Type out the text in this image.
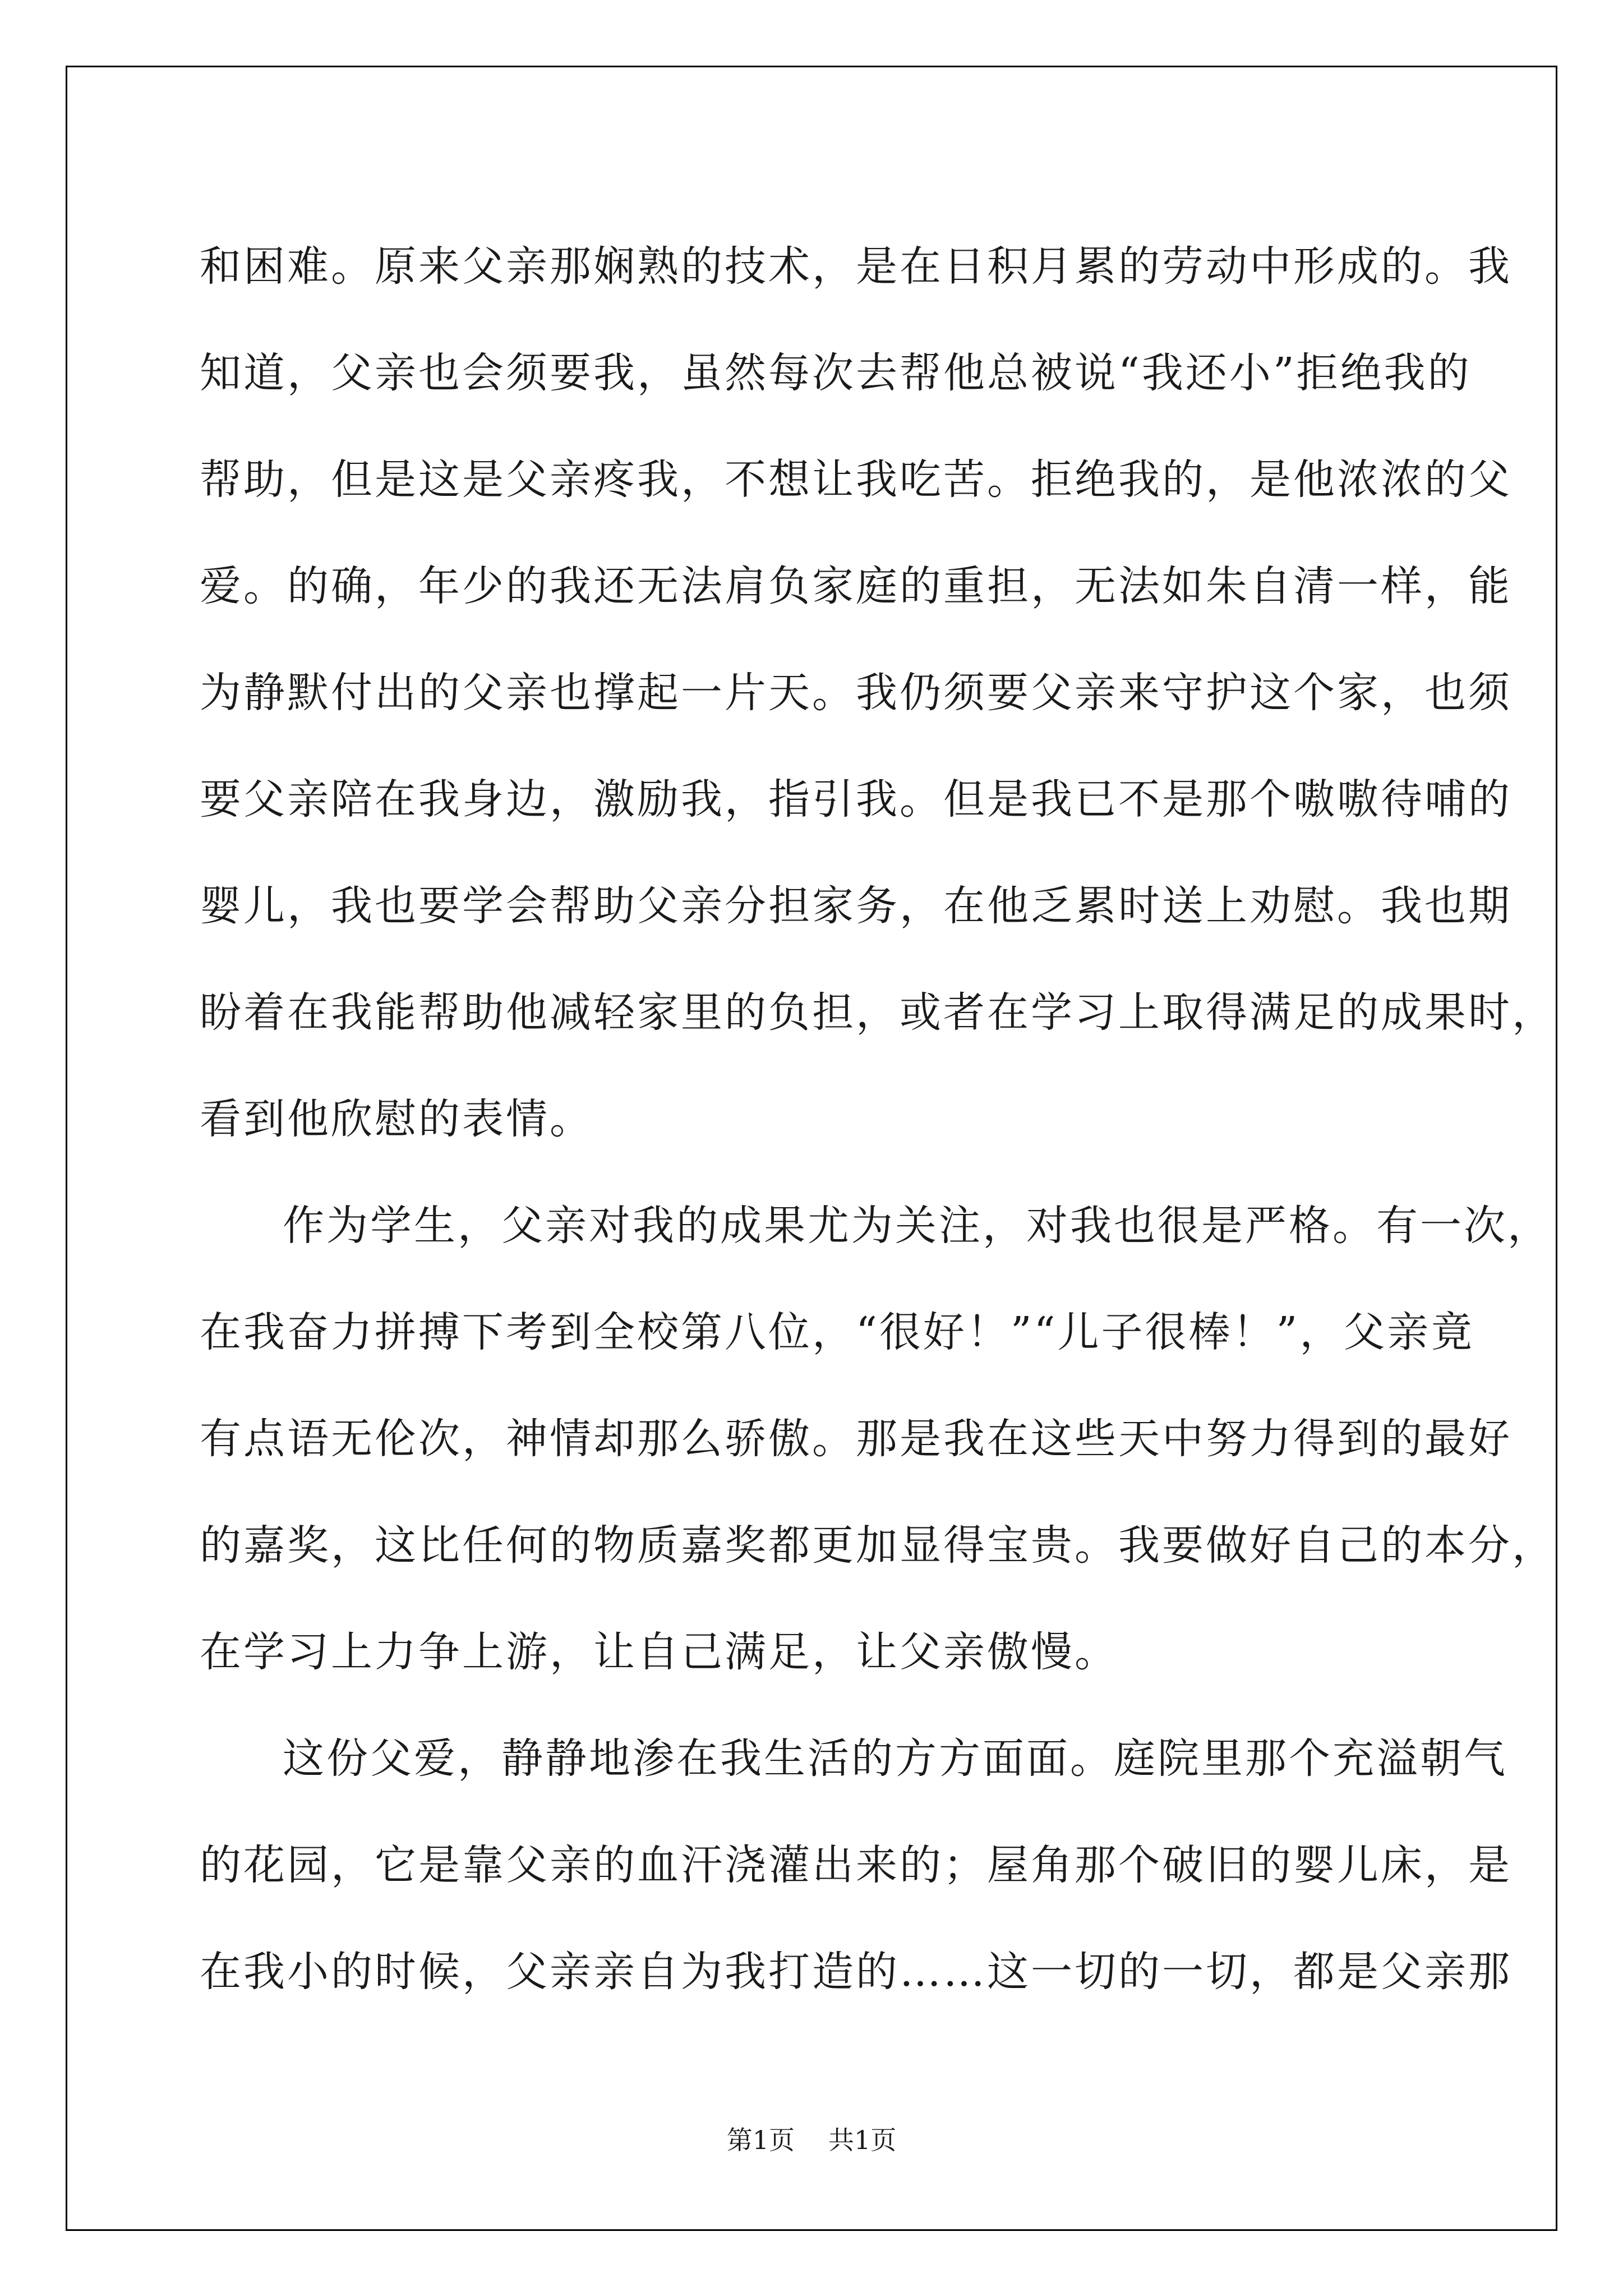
和困难。原来父亲那娴熟的技术，是在日积月累的劳动中形成的。我
知道，父亲也会须要我，虽然每次去帮他总被说“我还小”拒绝我的
帮助，但是这是父亲疼我，不想让我吃苦。拒绝我的，是他浓浓的父
爱。的确，年少的我还无法肩负家庭的重担，无法如朱自清一样，能
为静默付出的父亲也撑起一片天。我仍须要父亲来守护这个家，也须
要父亲陪在我身边，激励我，指引我。但是我已不是那个嗷嗷待哺的
婴儿，我也要学会帮助父亲分担家务，在他乏累时送上劝慰。我也期
盼着在我能帮助他减轻家里的负担，或者在学习上取得满足的成果时，
看到他欣慰的表情。
作为学生，父亲对我的成果尤为关注，对我也很是严格。有一次，
在我奋力拼搏下考到全校第八位，“很好！”“儿子很棒！”，父亲竟
有点语无伦次，神情却那么骄傲。那是我在这些天中努力得到的最好
的嘉奖，这比任何的物质嘉奖都更加显得宝贵。我要做好自己的本分，
在学习上力争上游，让自己满足，让父亲傲慢。
这份父爱，静静地渗在我生活的方方面面。庭院里那个充溢朝气
的花园，它是靠父亲的血汗浇灌出来的；屋角那个破旧的婴儿床，是
在我小的时候，父亲亲自为我打造的……这一切的一切，都是父亲那
第1页 共1页
